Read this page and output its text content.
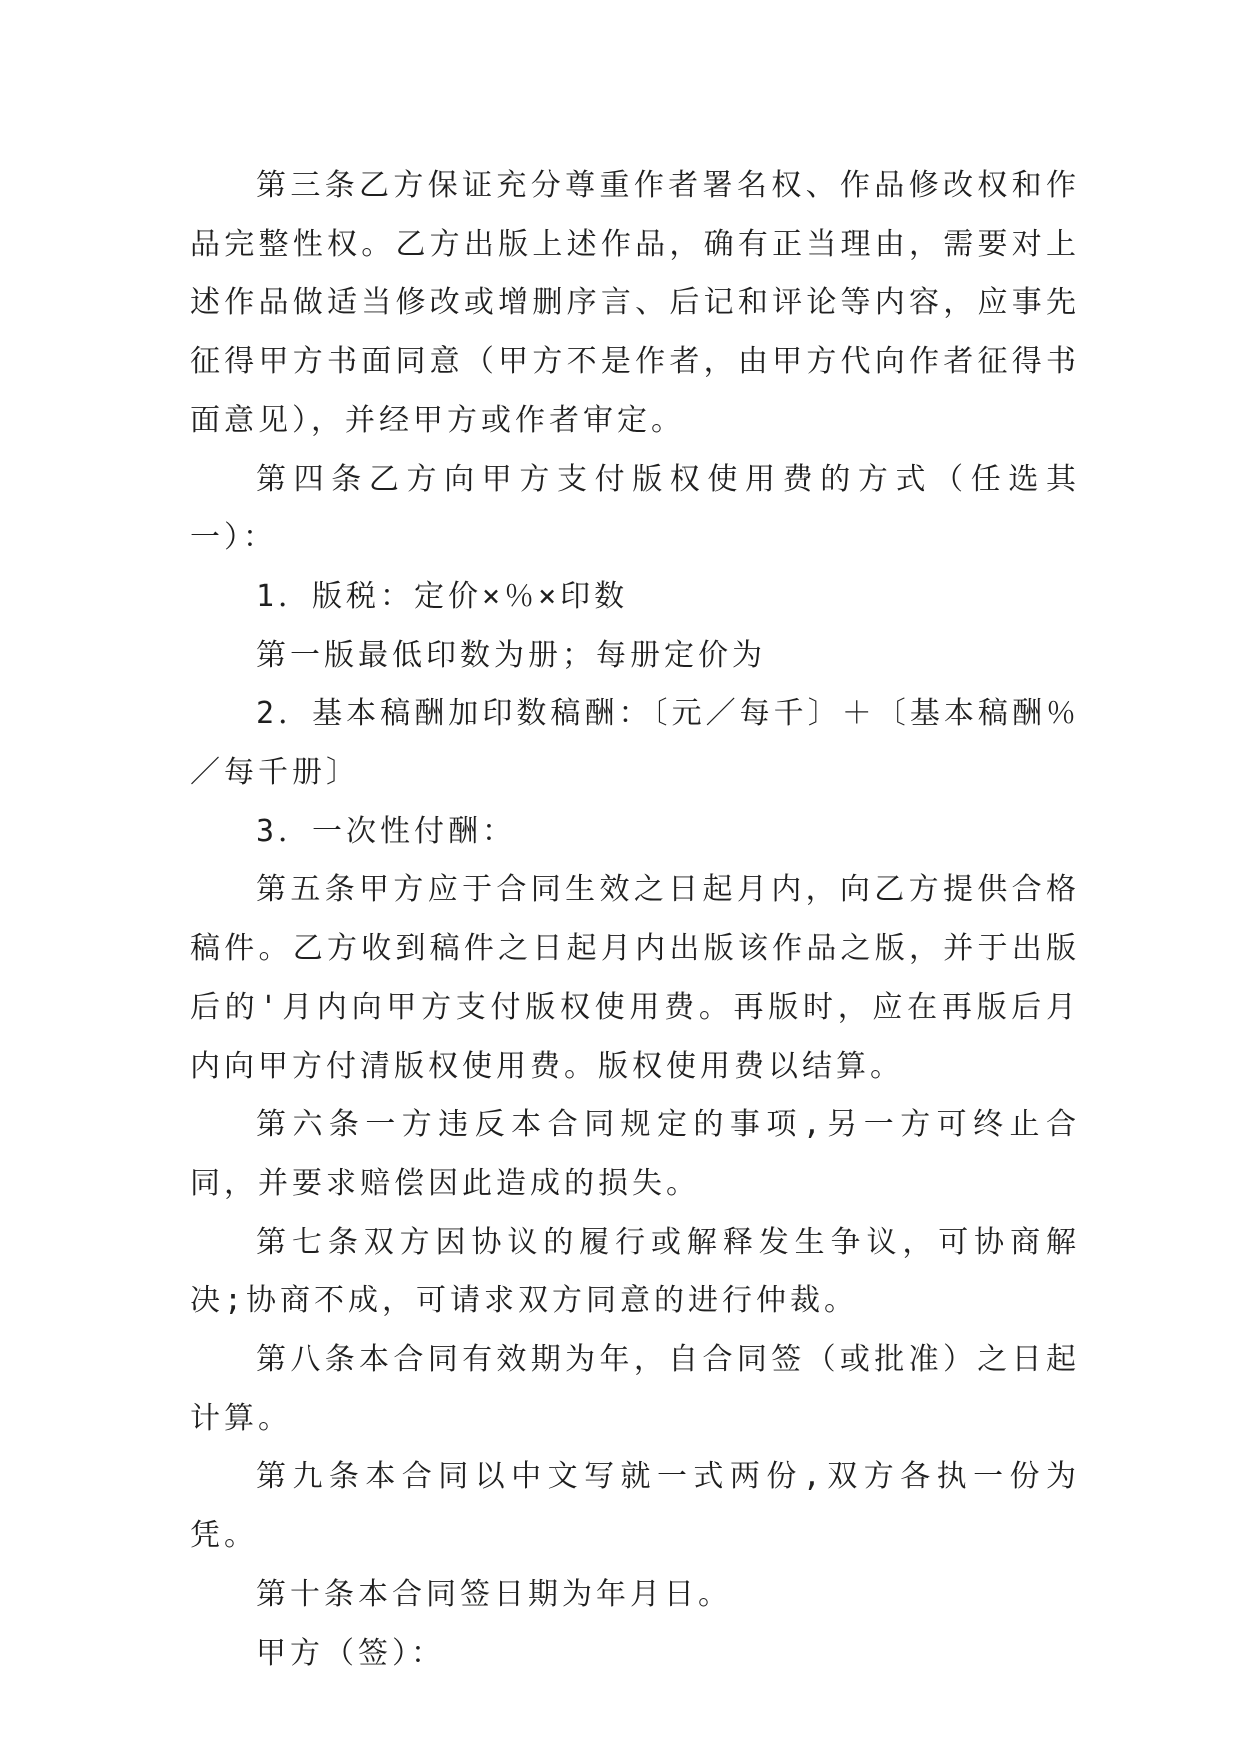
第三条乙方保证充分尊重作者署名权、作品修改权和作品完整性权。乙方出版上述作品，确有正当理由，需要对上述作品做适当修改或增删序言、后记和评论等内容，应事先征得甲方书面同意（甲方不是作者，由甲方代向作者征得书面意见），并经甲方或作者审定。

第四条乙方向甲方支付版权使用费的方式（任选其一）：

1．版税：定价×％×印数

第一版最低印数为册；每册定价为

2．基本稿酬加印数稿酬：〔元／每千〕＋〔基本稿酬％／每千册〕

3．一次性付酬：

第五条甲方应于合同生效之日起月内，向乙方提供合格稿件。乙方收到稿件之日起月内出版该作品之版，并于出版后的'月内向甲方支付版权使用费。再版时，应在再版后月内向甲方付清版权使用费。版权使用费以结算。

第六条一方违反本合同规定的事项,另一方可终止合同，并要求赔偿因此造成的损失。

第七条双方因协议的履行或解释发生争议，可协商解决;协商不成，可请求双方同意的进行仲裁。

第八条本合同有效期为年，自合同签（或批准）之日起计算。

第九条本合同以中文写就一式两份,双方各执一份为凭。

第十条本合同签日期为年月日。

甲方（签）：
